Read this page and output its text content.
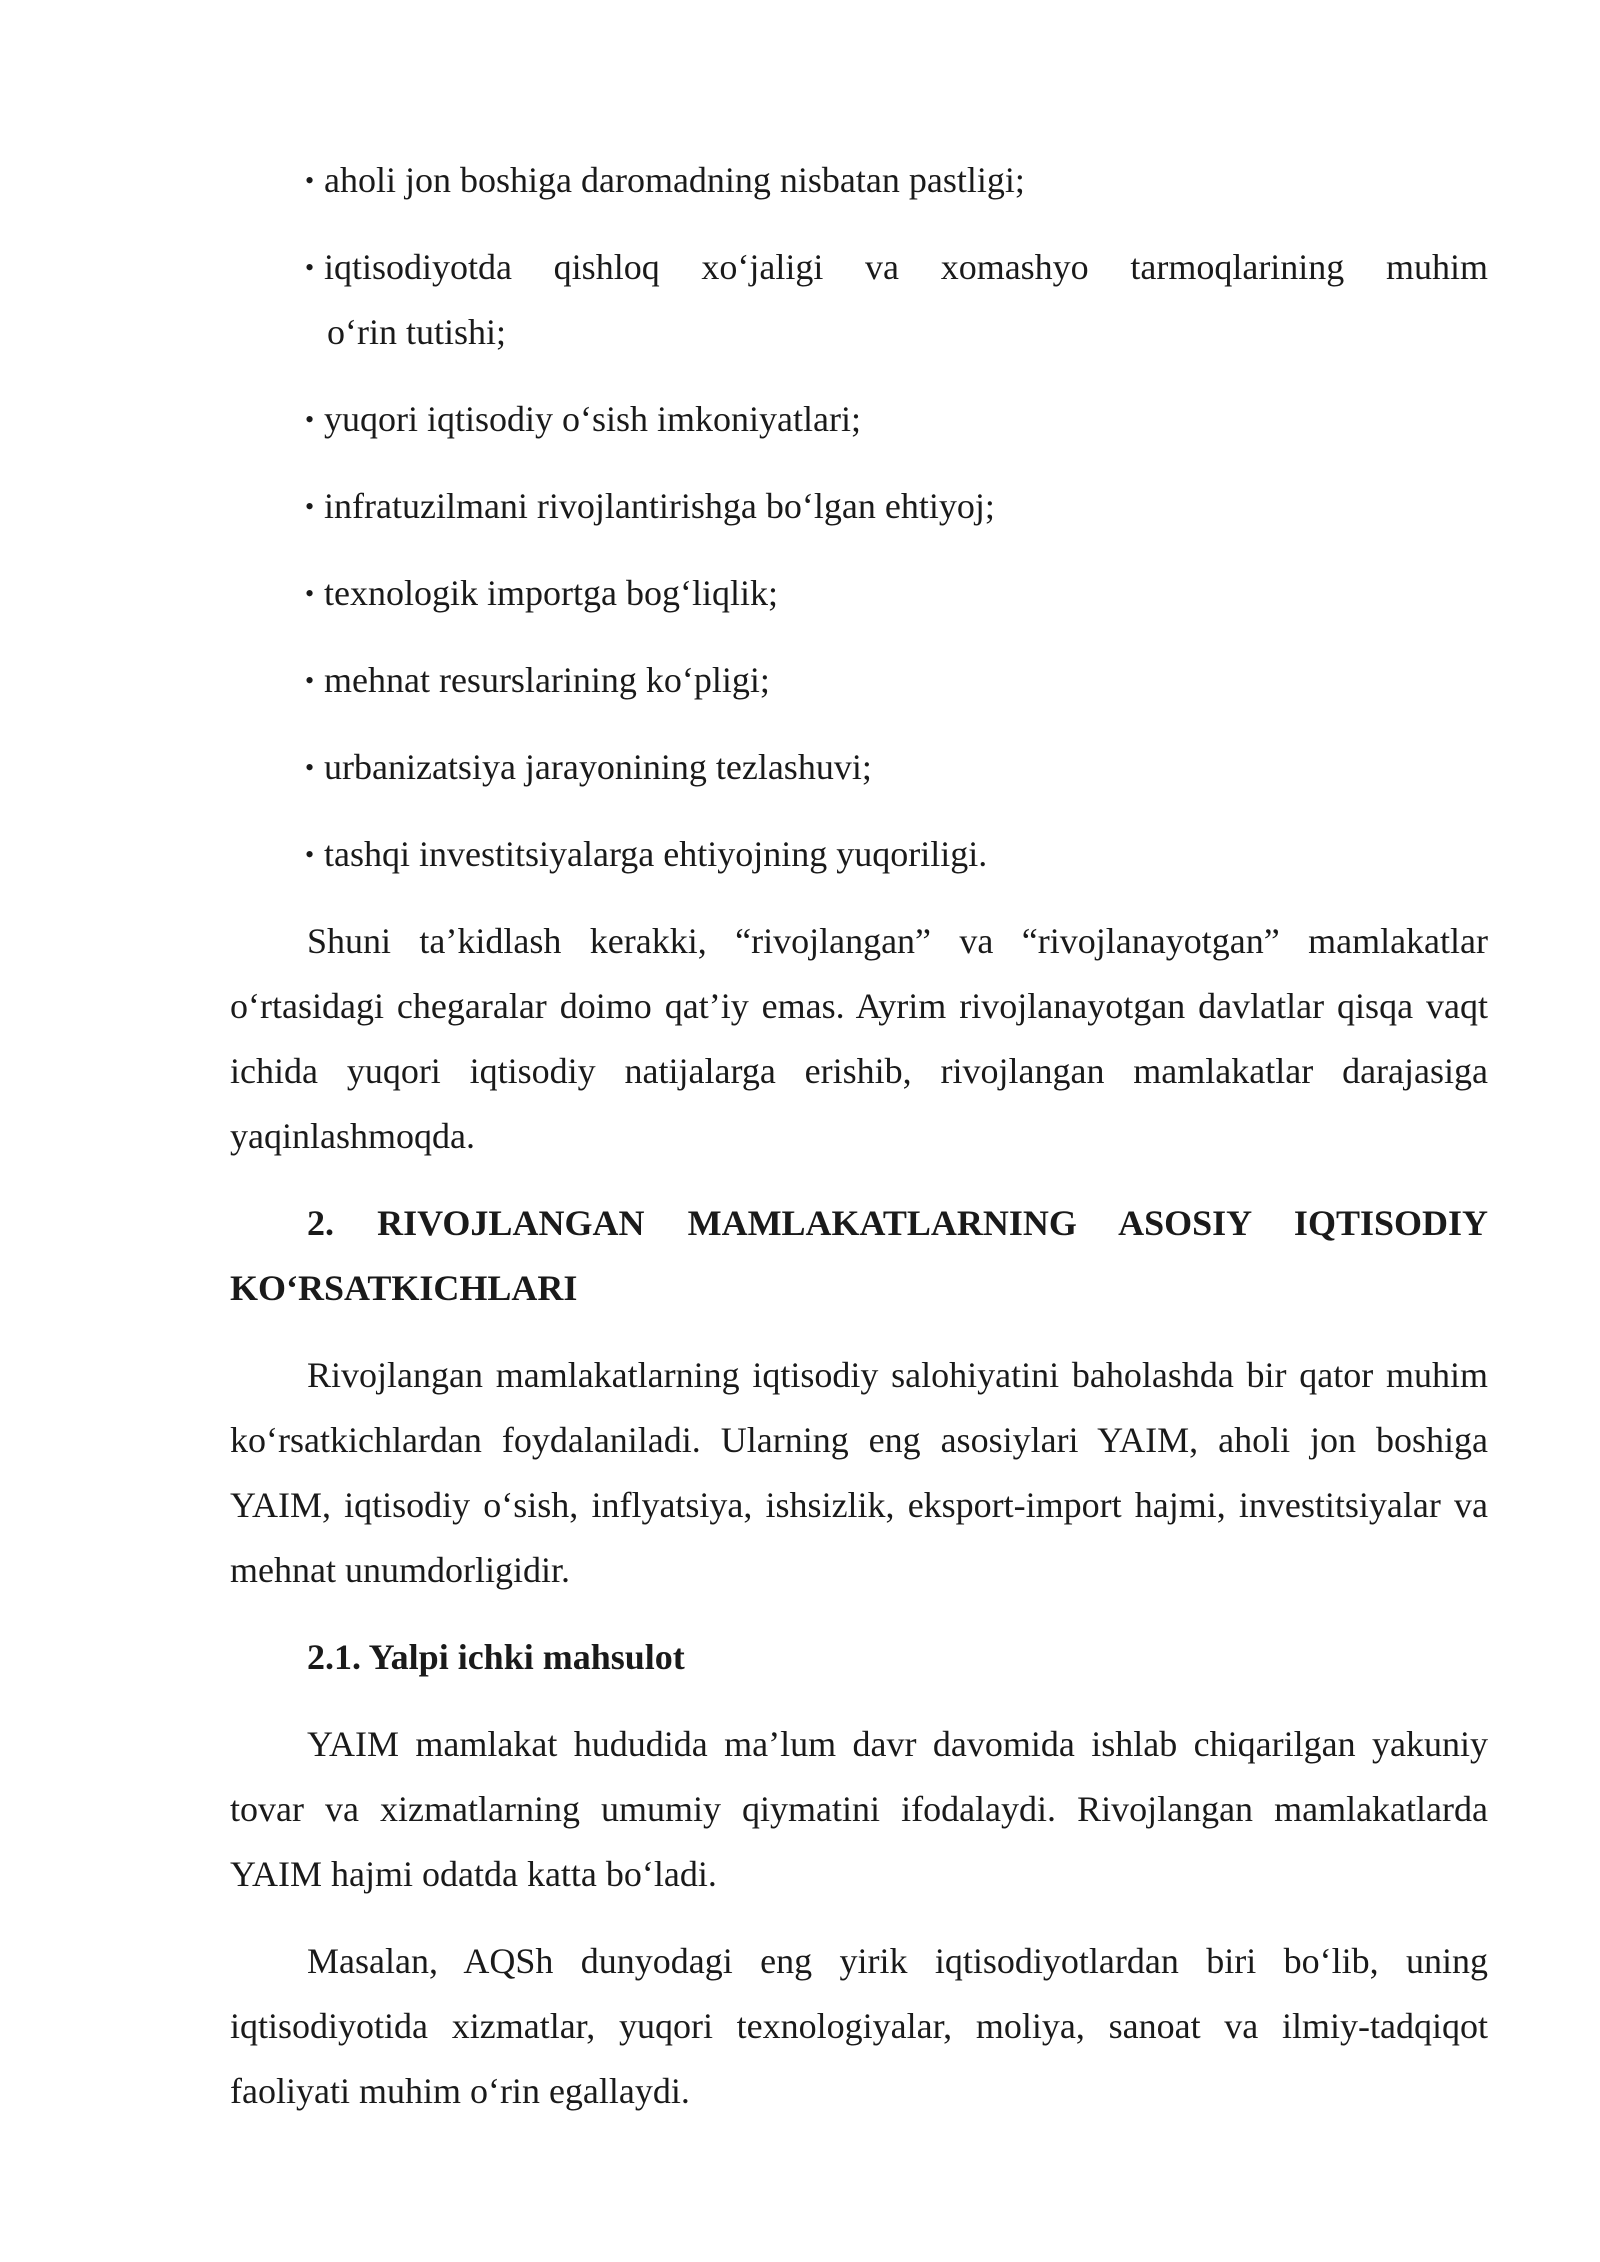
• aholi jon boshiga daromadning nisbatan pastligi;
• iqtisodiyotda qishloq xo‘jaligi va xomashyo tarmoqlarining muhim
o‘rin tutishi;
• yuqori iqtisodiy o‘sish imkoniyatlari;
• infratuzilmani rivojlantirishga bo‘lgan ehtiyoj;
• texnologik importga bog‘liqlik;
• mehnat resurslarining ko‘pligi;
• urbanizatsiya jarayonining tezlashuvi;
• tashqi investitsiyalarga ehtiyojning yuqoriligi.

Shuni ta’kidlash kerakki, “rivojlangan” va “rivojlanayotgan” mamlakatlar o‘rtasidagi chegaralar doimo qat’iy emas. Ayrim rivojlanayotgan davlatlar qisqa vaqt ichida yuqori iqtisodiy natijalarga erishib, rivojlangan mamlakatlar darajasiga yaqinlashmoqda.

2. RIVOJLANGAN MAMLAKATLARNING ASOSIY IQTISODIY KO‘RSATKICHLARI

Rivojlangan mamlakatlarning iqtisodiy salohiyatini baholashda bir qator muhim ko‘rsatkichlardan foydalaniladi. Ularning eng asosiylari YAIM, aholi jon boshiga YAIM, iqtisodiy o‘sish, inflyatsiya, ishsizlik, eksport-import hajmi, investitsiyalar va mehnat unumdorligidir.

2.1. Yalpi ichki mahsulot

YAIM mamlakat hududida ma’lum davr davomida ishlab chiqarilgan yakuniy tovar va xizmatlarning umumiy qiymatini ifodalaydi. Rivojlangan mamlakatlarda YAIM hajmi odatda katta bo‘ladi.

Masalan, AQSh dunyodagi eng yirik iqtisodiyotlardan biri bo‘lib, uning iqtisodiyotida xizmatlar, yuqori texnologiyalar, moliya, sanoat va ilmiy-tadqiqot faoliyati muhim o‘rin egallaydi.
